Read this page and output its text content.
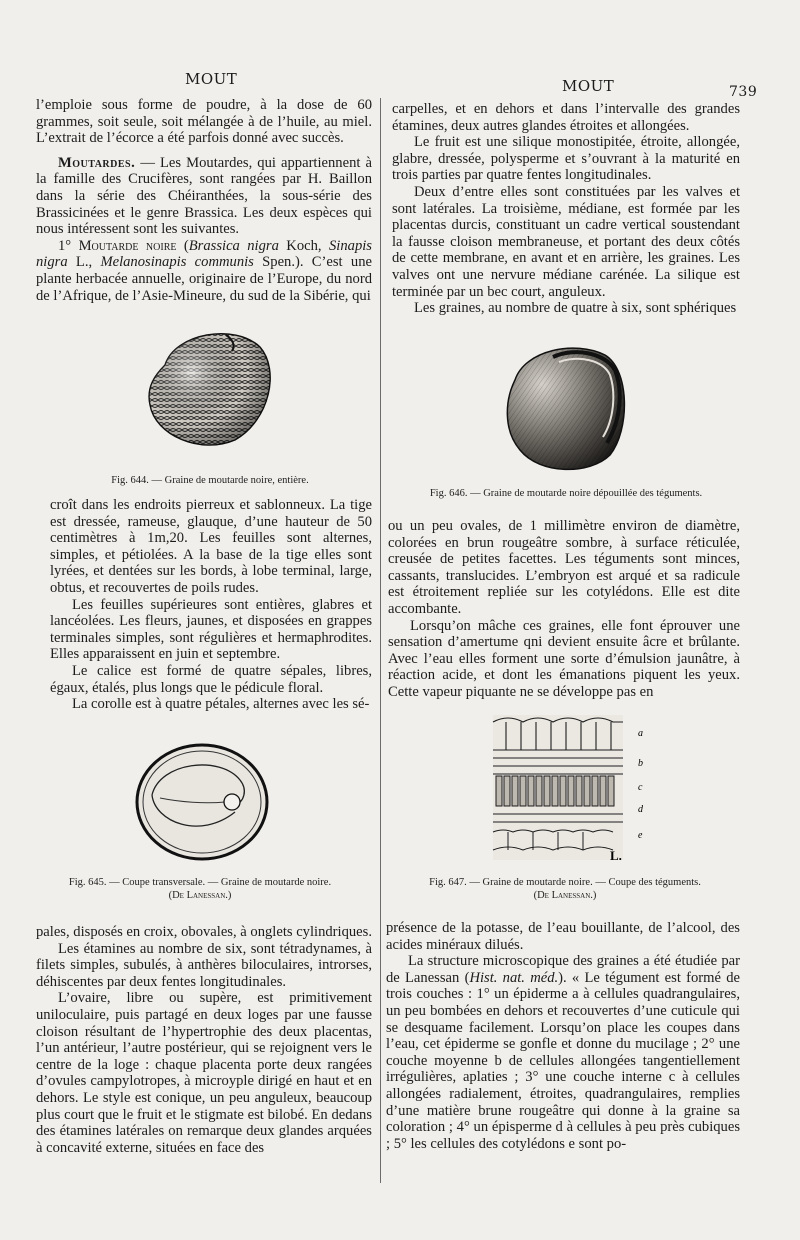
MOUT	MOUT	739

l’emploie sous forme de poudre, à la dose de 60 grammes, soit seule, soit mélangée à de l’huile, au miel. L’extrait de l’écorce a été parfois donné avec succès.

Moutardes. — Les Moutardes, qui appartiennent à la famille des Crucifères, sont rangées par H. Baillon dans la série des Chéiranthées, la sous-série des Brassicinées et le genre Brassica. Les deux espèces qui nous intéressent sont les suivantes.

1° Moutarde noire (Brassica nigra Koch, Sinapis nigra L., Melanosinapis communis Spen.). C’est une plante herbacée annuelle, originaire de l’Europe, du nord de l’Afrique, de l’Asie-Mineure, du sud de la Sibérie, qui

Fig. 644. — Graine de moutarde noire, entière.

croît dans les endroits pierreux et sablonneux. La tige est dressée, rameuse, glauque, d’une hauteur de 50 centimètres à 1m,20. Les feuilles sont alternes, simples, et pétiolées. A la base de la tige elles sont lyrées, et dentées sur les bords, à lobe terminal, large, obtus, et recouvertes de poils rudes.

Les feuilles supérieures sont entières, glabres et lancéolées. Les fleurs, jaunes, et disposées en grappes terminales simples, sont régulières et hermaphrodites. Elles apparaissent en juin et septembre.

Le calice est formé de quatre sépales, libres, égaux, étalés, plus longs que le pédicule floral.

La corolle est à quatre pétales, alternes avec les sé-

Fig. 645. — Coupe transversale. — Graine de moutarde noire.
(De Lanessan.)

pales, disposés en croix, obovales, à onglets cylindriques.

Les étamines au nombre de six, sont tétradynames, à filets simples, subulés, à anthères biloculaires, introrses, déhiscentes par deux fentes longitudinales.

L’ovaire, libre ou supère, est primitivement uniloculaire, puis partagé en deux loges par une fausse cloison résultant de l’hypertrophie des deux placentas, l’un antérieur, l’autre postérieur, qui se rejoignent vers le centre de la loge : chaque placenta porte deux rangées d’ovules campylotropes, à microyple dirigé en haut et en dehors. Le style est conique, un peu anguleux, beaucoup plus court que le fruit et le stigmate est bilobé. En dedans des étamines latérales on remarque deux glandes arquées à concavité externe, situées en face des

carpelles, et en dehors et dans l’intervalle des grandes étamines, deux autres glandes étroites et allongées.

Le fruit est une silique monostipitée, étroite, allongée, glabre, dressée, polysperme et s’ouvrant à la maturité en trois parties par quatre fentes longitudinales.

Deux d’entre elles sont constituées par les valves et sont latérales. La troisième, médiane, est formée par les placentas durcis, constituant un cadre vertical soustendant la fausse cloison membraneuse, et portant des deux côtés de cette membrane, en avant et en arrière, les graines. Les valves ont une nervure médiane carénée. La silique est terminée par un bec court, anguleux.

Les graines, au nombre de quatre à six, sont sphériques

Fig. 646. — Graine de moutarde noire dépouillée des téguments.

ou un peu ovales, de 1 millimètre environ de diamètre, colorées en brun rougeâtre sombre, à surface réticulée, creusée de petites facettes. Les téguments sont minces, cassants, translucides. L’embryon est arqué et sa radicule est étroitement repliée sur les cotylédons. Elle est dite accombante.

Lorsqu’on mâche ces graines, elle font éprouver une sensation d’amertume qni devient ensuite âcre et brûlante. Avec l’eau elles forment une sorte d’émulsion jaunâtre, à réaction acide, et dont les émanations piquent les yeux. Cette vapeur piquante ne se développe pas en

a
b
c
d
e
L.
Fig. 647. — Graine de moutarde noire. — Coupe des téguments.
(De Lanessan.)

présence de la potasse, de l’eau bouillante, de l’alcool, des acides minéraux dilués.

La structure microscopique des graines a été étudiée par de Lanessan (Hist. nat. méd.). « Le tégument est formé de trois couches : 1° un épiderme a à cellules quadrangulaires, un peu bombées en dehors et recouvertes d’une cuticule qui se desquame facilement. Lorsqu’on place les coupes dans l’eau, cet épiderme se gonfle et donne du mucilage ; 2° une couche moyenne b de cellules allongées tangentiellement irrégulières, aplaties ; 3° une couche interne c à cellules allongées radialement, étroites, quadrangulaires, remplies d’une matière brune rougeâtre qui donne à la graine sa coloration ; 4° un épisperme d à cellules à peu près cubiques ; 5° les cellules des cotylédons e sont po-
